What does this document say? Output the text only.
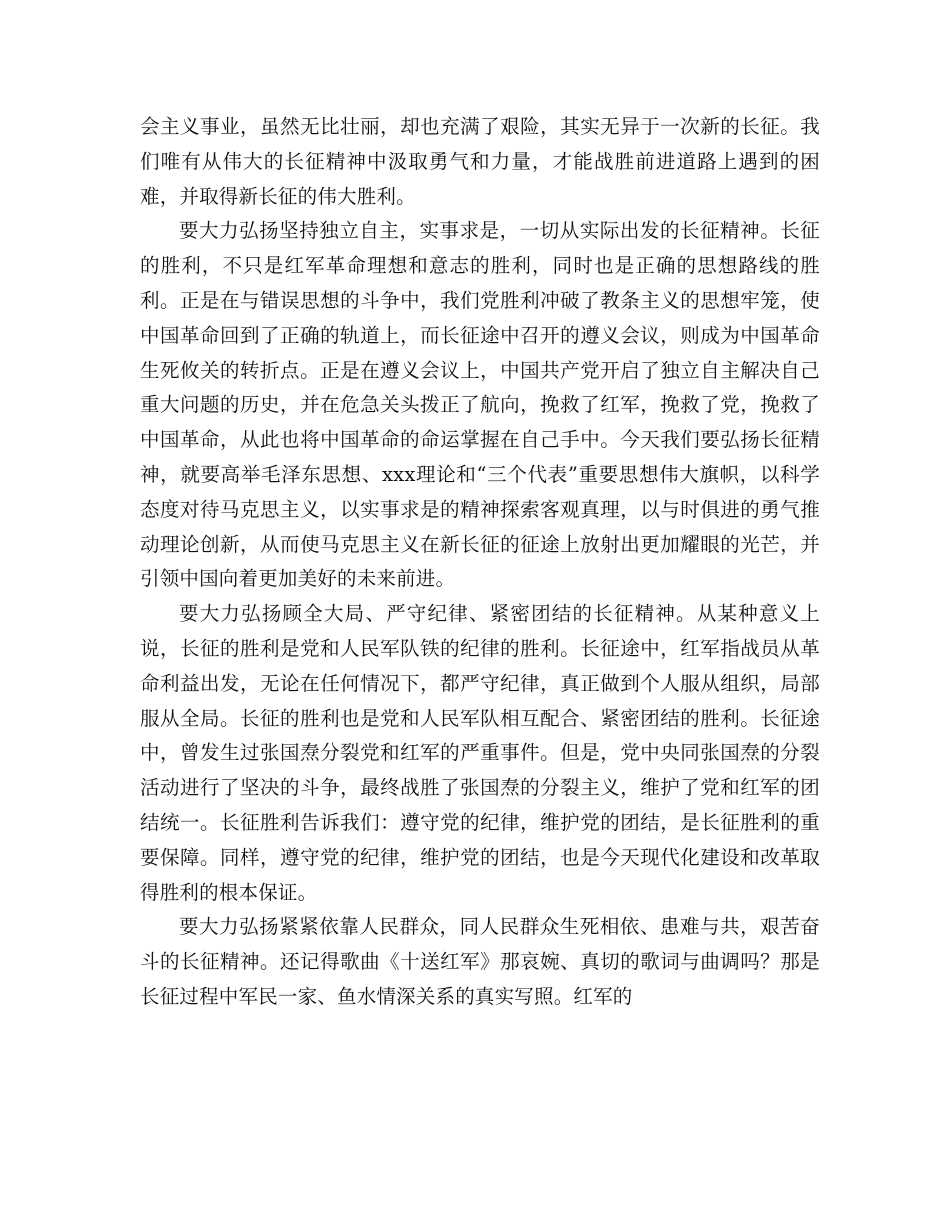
会主义事业，虽然无比壮丽，却也充满了艰险，其实无异于一次新的长征。我们唯有从伟大的长征精神中汲取勇气和力量，才能战胜前进道路上遇到的困难，并取得新长征的伟大胜利。

要大力弘扬坚持独立自主，实事求是，一切从实际出发的长征精神。长征的胜利，不只是红军革命理想和意志的胜利，同时也是正确的思想路线的胜利。正是在与错误思想的斗争中，我们党胜利冲破了教条主义的思想牢笼，使中国革命回到了正确的轨道上，而长征途中召开的遵义会议，则成为中国革命生死攸关的转折点。正是在遵义会议上，中国共产党开启了独立自主解决自己重大问题的历史，并在危急关头拨正了航向，挽救了红军，挽救了党，挽救了中国革命，从此也将中国革命的命运掌握在自己手中。今天我们要弘扬长征精神，就要高举毛泽东思想、xxx理论和“三个代表”重要思想伟大旗帜，以科学态度对待马克思主义，以实事求是的精神探索客观真理，以与时俱进的勇气推动理论创新，从而使马克思主义在新长征的征途上放射出更加耀眼的光芒，并引领中国向着更加美好的未来前进。

要大力弘扬顾全大局、严守纪律、紧密团结的长征精神。从某种意义上说，长征的胜利是党和人民军队铁的纪律的胜利。长征途中，红军指战员从革命利益出发，无论在任何情况下，都严守纪律，真正做到个人服从组织，局部服从全局。长征的胜利也是党和人民军队相互配合、紧密团结的胜利。长征途中，曾发生过张国焘分裂党和红军的严重事件。但是，党中央同张国焘的分裂活动进行了坚决的斗争，最终战胜了张国焘的分裂主义，维护了党和红军的团结统一。长征胜利告诉我们：遵守党的纪律，维护党的团结，是长征胜利的重要保障。同样，遵守党的纪律，维护党的团结，也是今天现代化建设和改革取得胜利的根本保证。

要大力弘扬紧紧依靠人民群众，同人民群众生死相依、患难与共，艰苦奋斗的长征精神。还记得歌曲《十送红军》那哀婉、真切的歌词与曲调吗？那是长征过程中军民一家、鱼水情深关系的真实写照。红军的
